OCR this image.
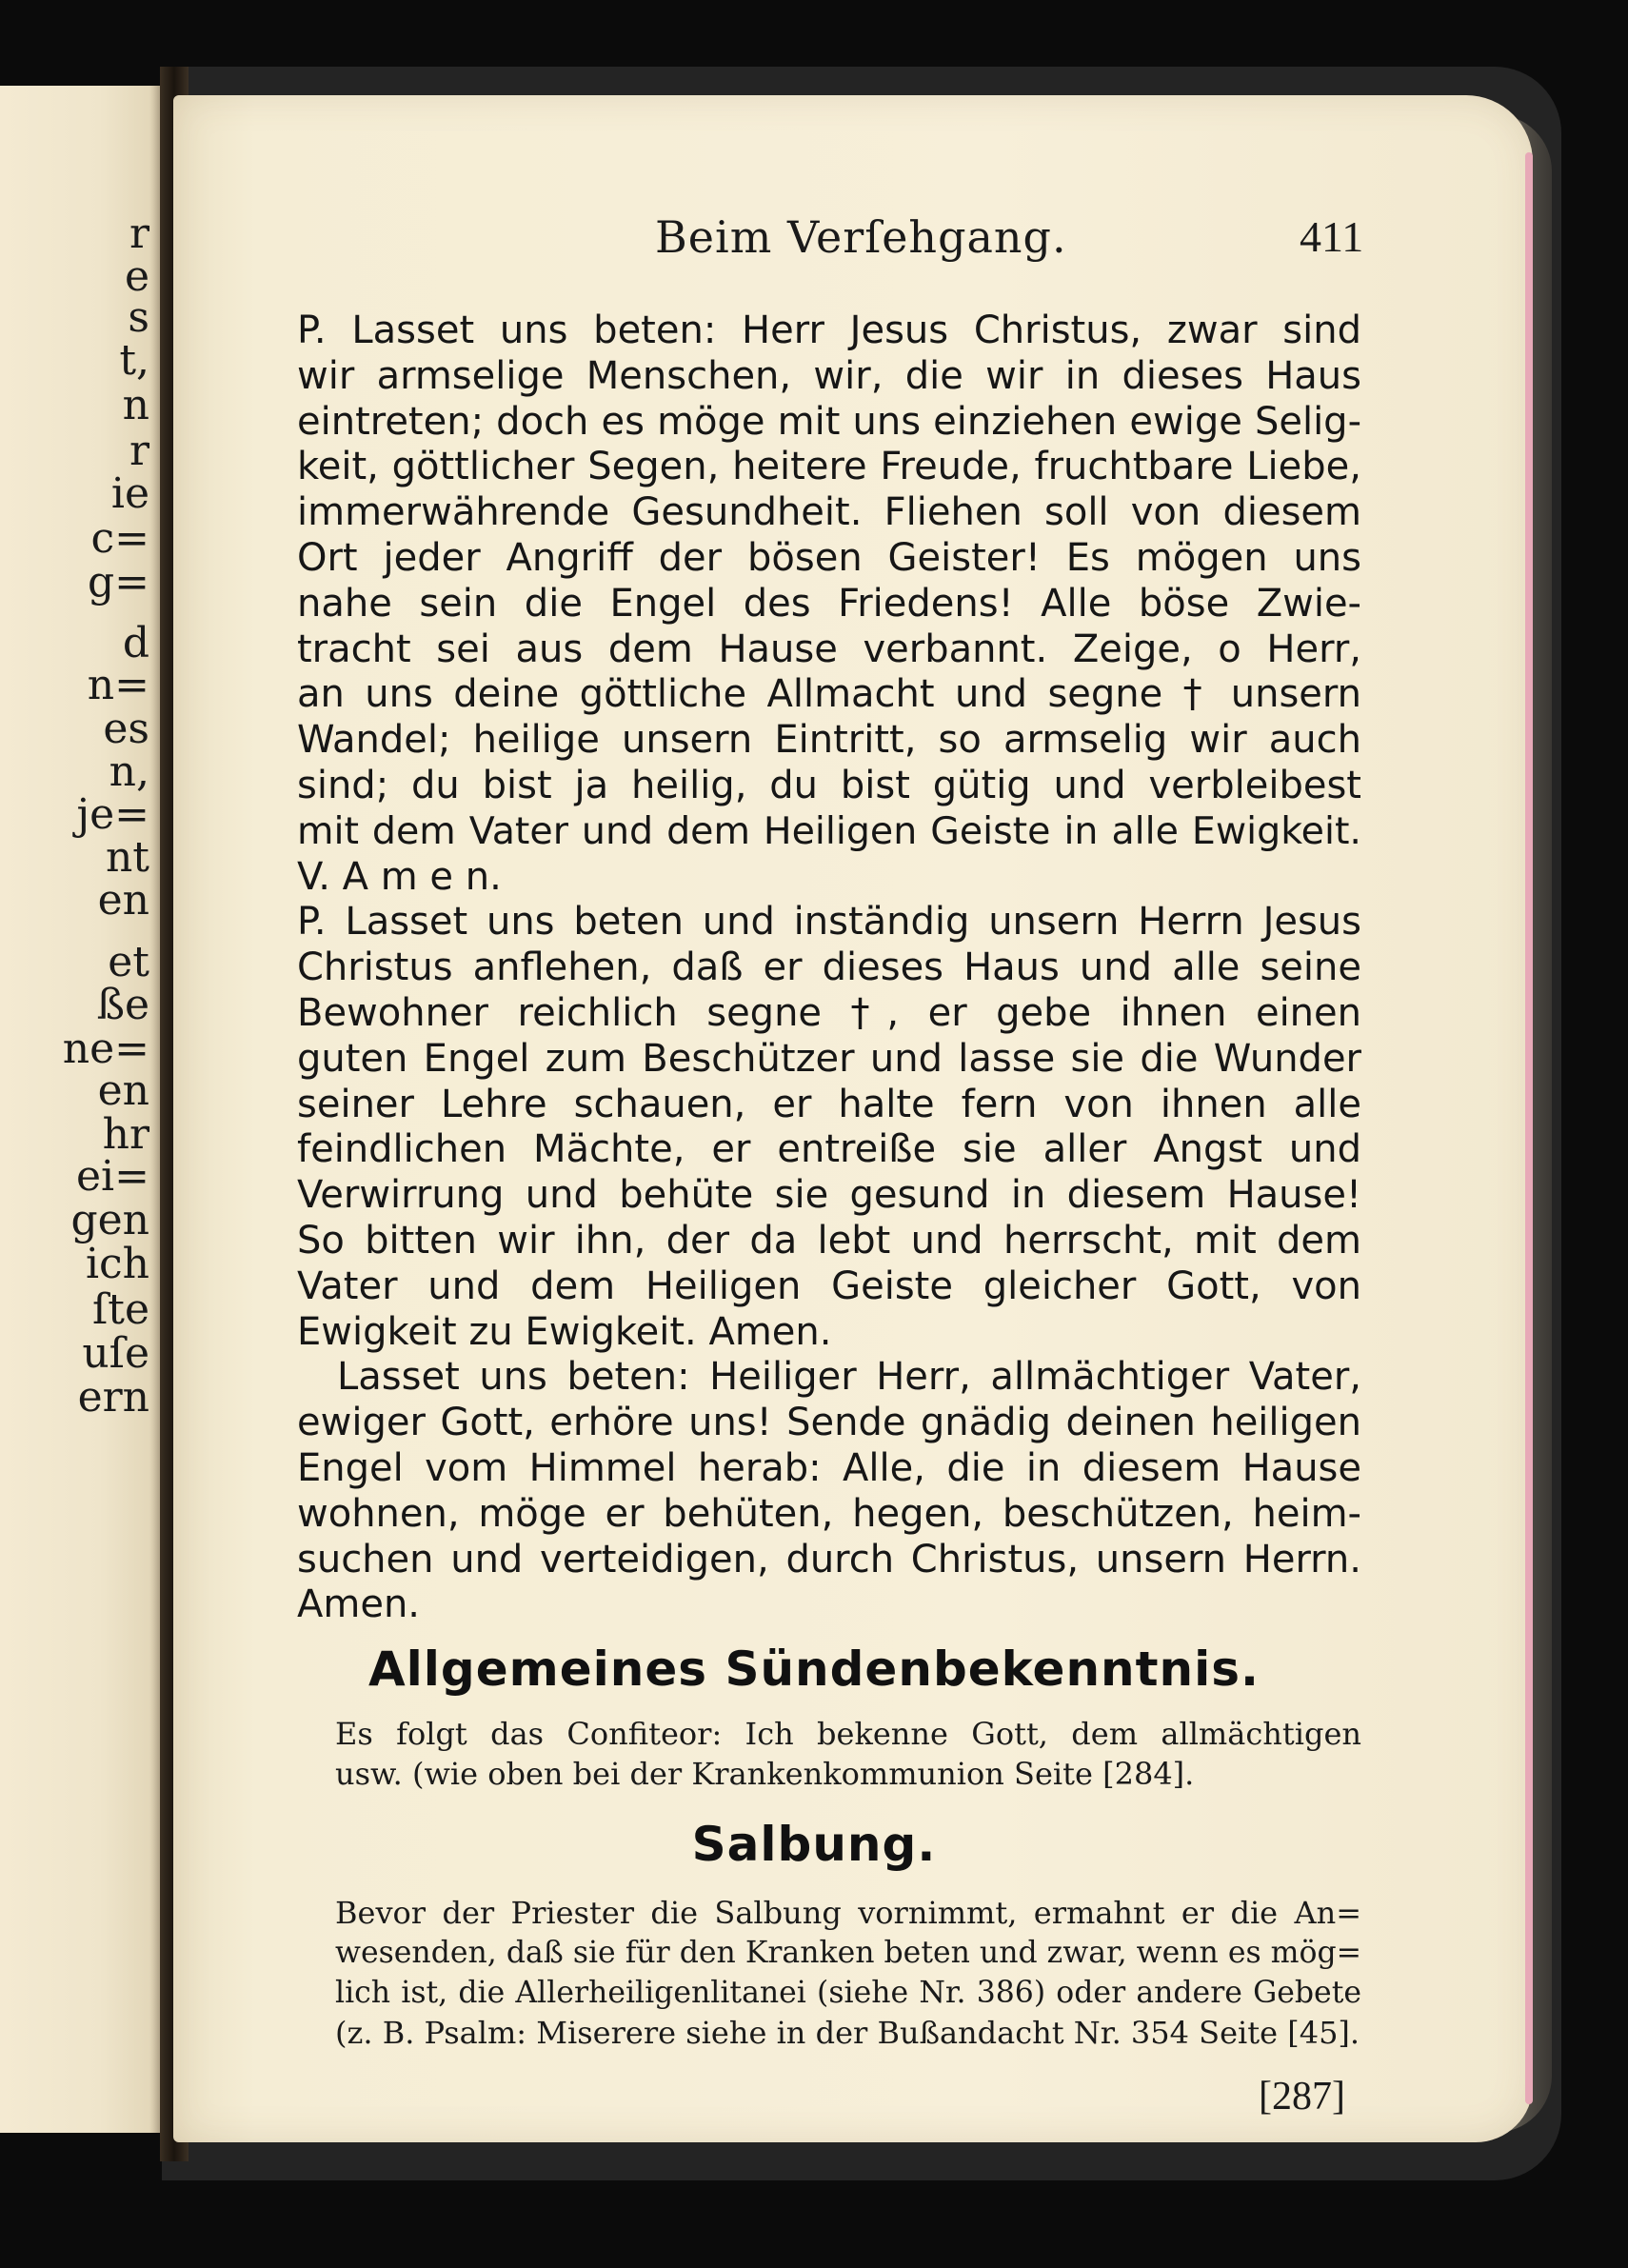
r
e
s
t,
n
r
ie
c=
g=
d
n=
es
n,
je=
nt
en
et
ße
ne=
en
hr
ei=
gen
ich
ſte
uſe
ern
Beim Verſehgang.	411
P. Lasset uns beten: Herr Jesus Christus, zwar sind
wir armselige Menschen, wir, die wir in dieses Haus
eintreten; doch es möge mit uns einziehen ewige Selig-
keit, göttlicher Segen, heitere Freude, fruchtbare Liebe,
immerwährende Gesundheit. Fliehen soll von diesem
Ort jeder Angriff der bösen Geister! Es mögen uns
nahe sein die Engel des Friedens! Alle böse Zwie-
tracht sei aus dem Hause verbannt. Zeige, o Herr,
an uns deine göttliche Allmacht und segne † unsern
Wandel; heilige unsern Eintritt, so armselig wir auch
sind; du bist ja heilig, du bist gütig und verbleibest
mit dem Vater und dem Heiligen Geiste in alle Ewigkeit.
V. A m e n.
P. Lasset uns beten und inständig unsern Herrn Jesus
Christus anflehen, daß er dieses Haus und alle seine
Bewohner reichlich segne †, er gebe ihnen einen
guten Engel zum Beschützer und lasse sie die Wunder
seiner Lehre schauen, er halte fern von ihnen alle
feindlichen Mächte, er entreiße sie aller Angst und
Verwirrung und behüte sie gesund in diesem Hause!
So bitten wir ihn, der da lebt und herrscht, mit dem
Vater und dem Heiligen Geiste gleicher Gott, von
Ewigkeit zu Ewigkeit. Amen.
Lasset uns beten: Heiliger Herr, allmächtiger Vater,
ewiger Gott, erhöre uns! Sende gnädig deinen heiligen
Engel vom Himmel herab: Alle, die in diesem Hause
wohnen, möge er behüten, hegen, beschützen, heim-
suchen und verteidigen, durch Christus, unsern Herrn.
Amen.
Allgemeines Sündenbekenntnis.
Es folgt das Confiteor: Ich bekenne Gott, dem allmächtigen
usw. (wie oben bei der Krankenkommunion Seite [284].
Salbung.
Bevor der Priester die Salbung vornimmt, ermahnt er die An=
wesenden, daß sie für den Kranken beten und zwar, wenn es mög=
lich ist, die Allerheiligenlitanei (siehe Nr. 386) oder andere Gebete
(z. B. Psalm: Miserere siehe in der Bußandacht Nr. 354 Seite [45].
[287]
